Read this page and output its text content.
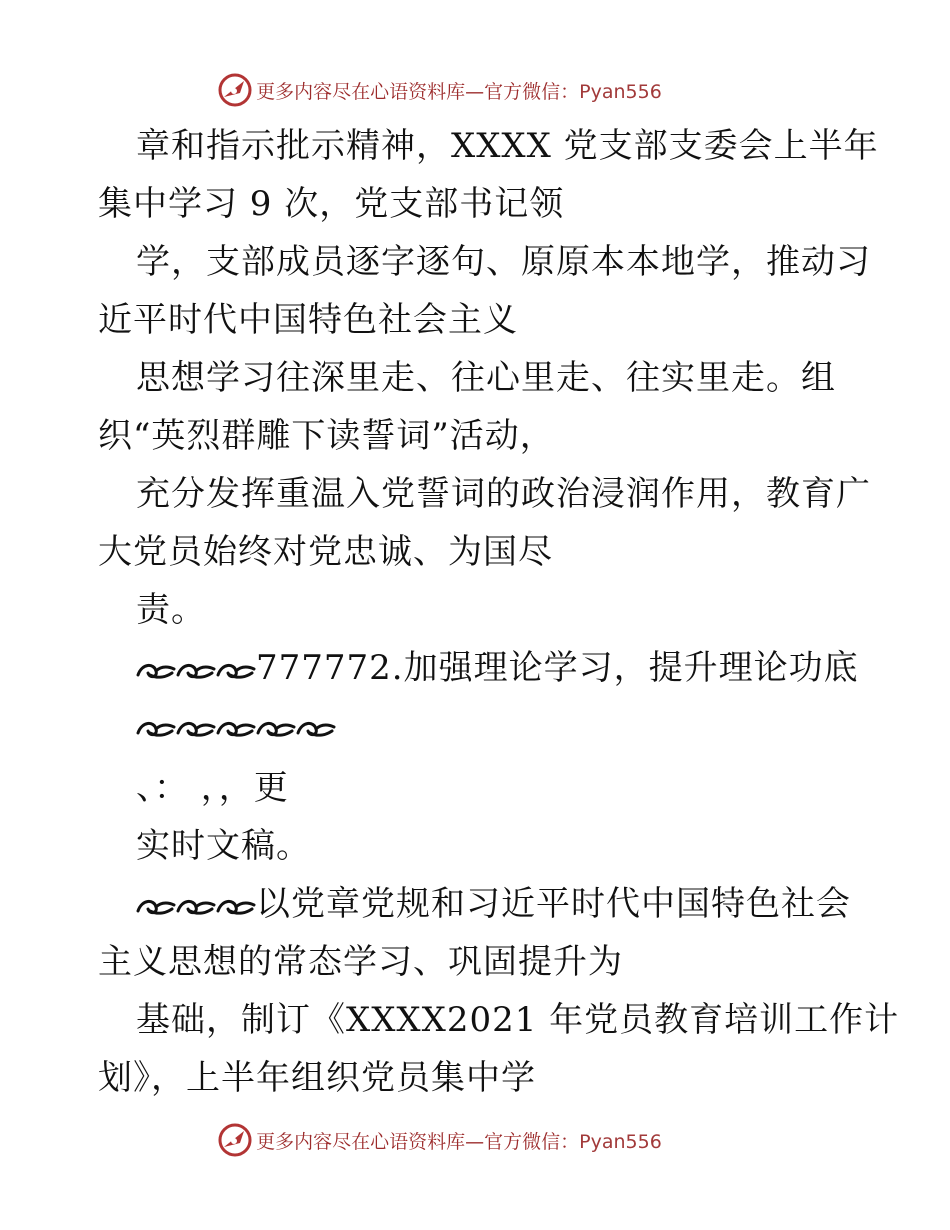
更多内容尽在心语资料库—官方微信：Pyan556
章和指示批示精神，XXXX 党支部支委会上半年
集中学习 9 次，党支部书记领
学，支部成员逐字逐句、原原本本地学，推动习
近平时代中国特色社会主义
思想学习往深里走、往心里走、往实里走。组
织“英烈群雕下读誓词”活动，
充分发挥重温入党誓词的政治浸润作用，教育广
大党员始终对党忠诚、为国尽
责。
777772.加强理论学习，提升理论功底
、： ，，更
实时文稿。
以党章党规和习近平时代中国特色社会
主义思想的常态学习、巩固提升为
基础，制订《XXXX2021 年党员教育培训工作计
划》，上半年组织党员集中学
更多内容尽在心语资料库—官方微信：Pyan556
